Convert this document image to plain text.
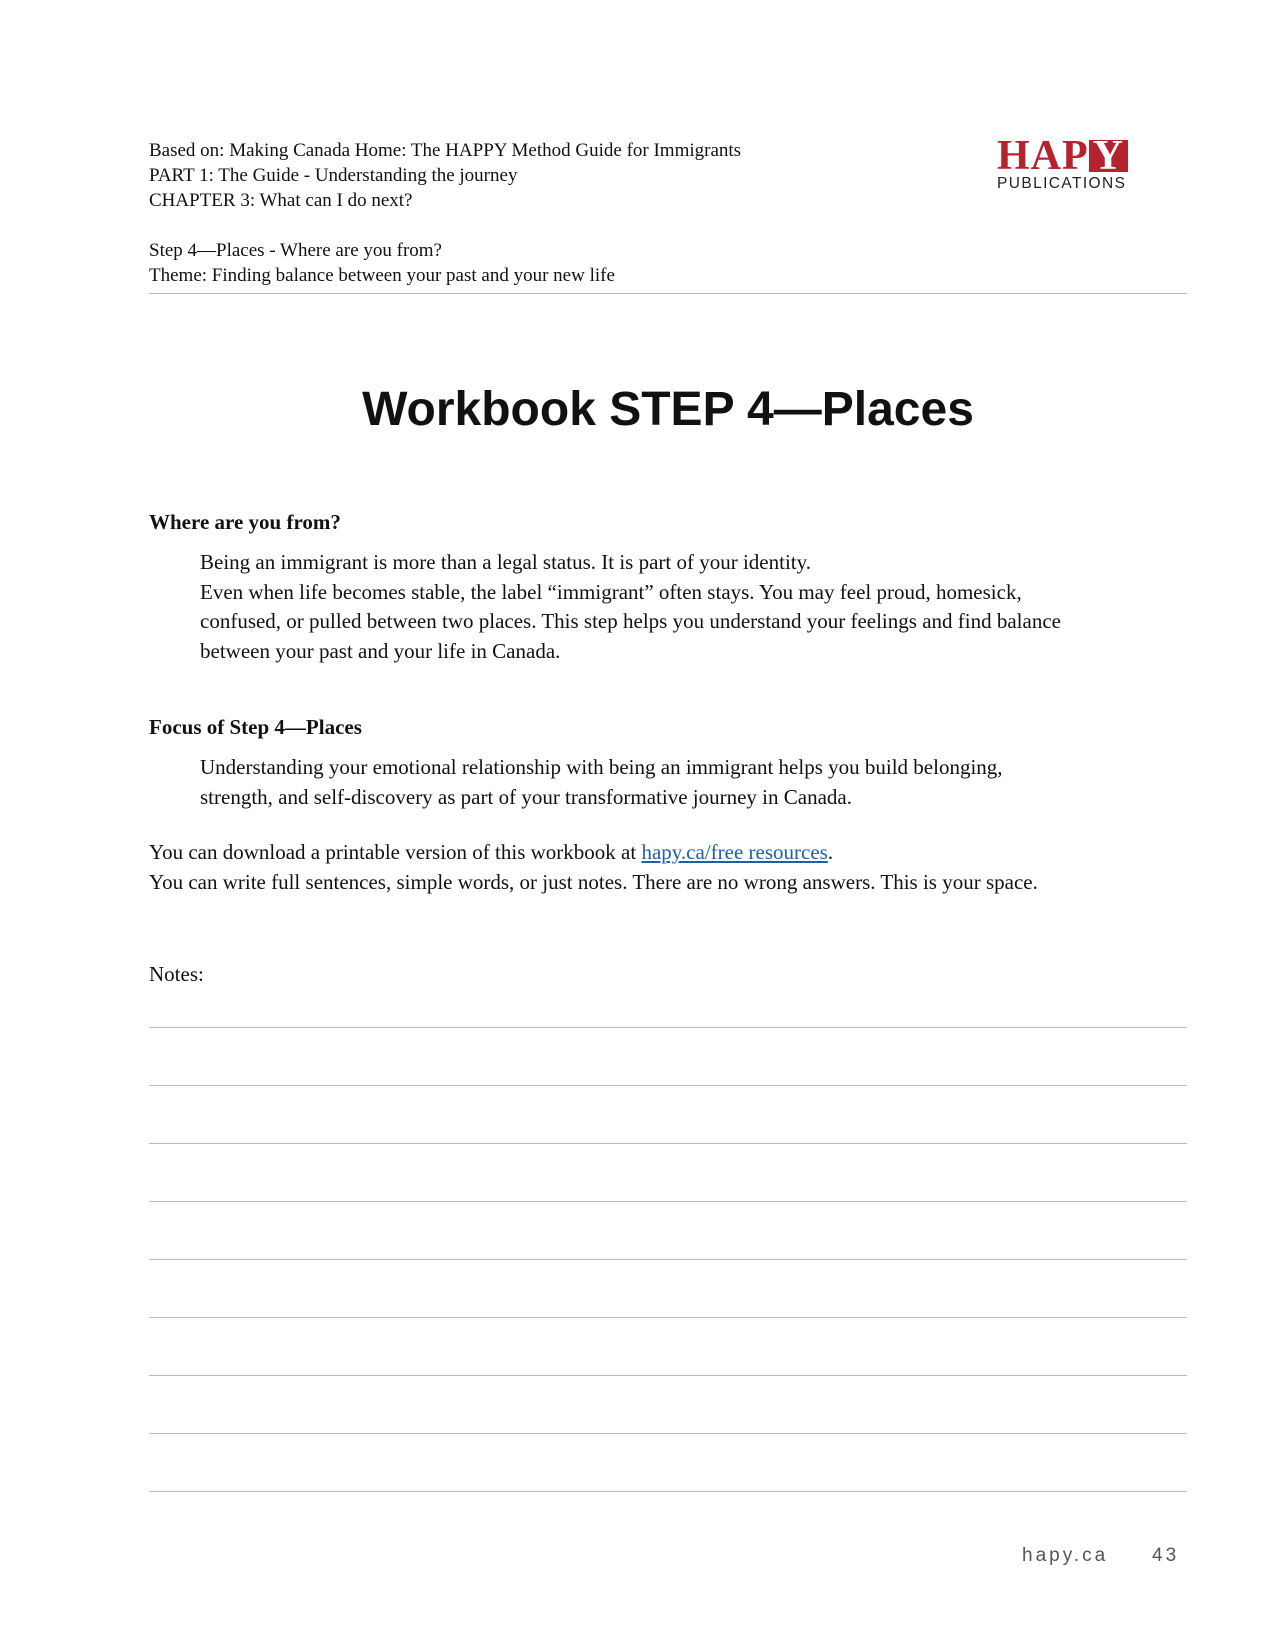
Based on: Making Canada Home: The HAPPY Method Guide for Immigrants
PART 1: The Guide - Understanding the journey
CHAPTER 3: What can I do next?
Step 4—Places - Where are you from?
Theme: Finding balance between your past and your new life
HAPY
PUBLICATIONS
Workbook STEP 4—Places
Where are you from?

Being an immigrant is more than a legal status. It is part of your identity.

Even when life becomes stable, the label “immigrant” often stays. You may feel proud, homesick,

confused, or pulled between two places. This step helps you understand your feelings and find balance

between your past and your life in Canada.

Focus of Step 4—Places

Understanding your emotional relationship with being an immigrant helps you build belonging,

strength, and self-discovery as part of your transformative journey in Canada.

You can download a printable version of this workbook at hapy.ca/free resources.

You can write full sentences, simple words, or just notes. There are no wrong answers. This is your space.

Notes:
hapy.ca 43
